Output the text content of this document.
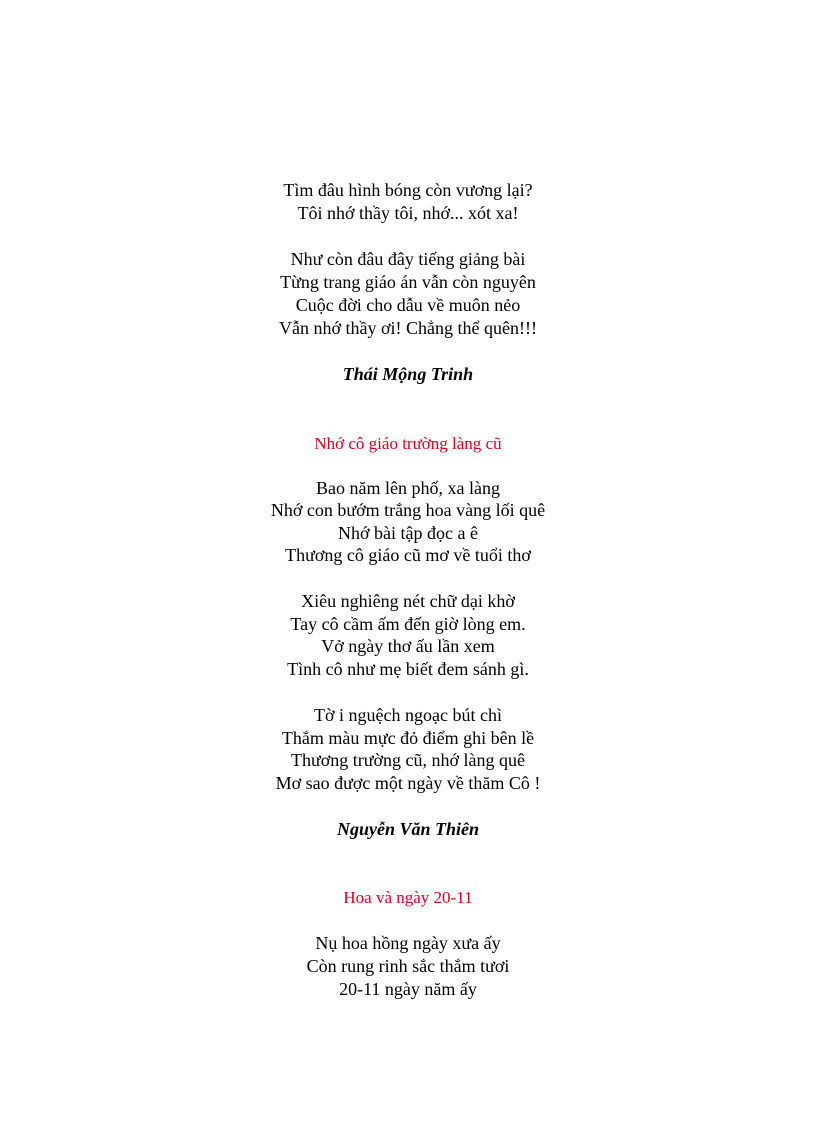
Tìm đâu hình bóng còn vương lại?
Tôi nhớ thầy tôi, nhớ... xót xa!
Như còn đâu đây tiếng giảng bài
Từng trang giáo án vẫn còn nguyên
Cuộc đời cho dẫu về muôn nẻo
Vẫn nhớ thầy ơi! Chẳng thể quên!!!
Thái Mộng Trinh
Nhớ cô giáo trường làng cũ
Bao năm lên phố, xa làng
Nhớ con bướm trắng hoa vàng lối quê
Nhớ bài tập đọc a ê
Thương cô giáo cũ mơ về tuổi thơ
Xiêu nghiêng nét chữ dại khờ
Tay cô cầm ấm đến giờ lòng em.
Vở ngày thơ ấu lần xem
Tình cô như mẹ biết đem sánh gì.
Tờ i nguệch ngoạc bút chì
Thắm màu mực đỏ điểm ghi bên lề
Thương trường cũ, nhớ làng quê
Mơ sao được một ngày về thăm Cô !
Nguyễn Văn Thiên
Hoa và ngày 20-11
Nụ hoa hồng ngày xưa ấy
Còn rung rinh sắc thắm tươi
20-11 ngày năm ấy
